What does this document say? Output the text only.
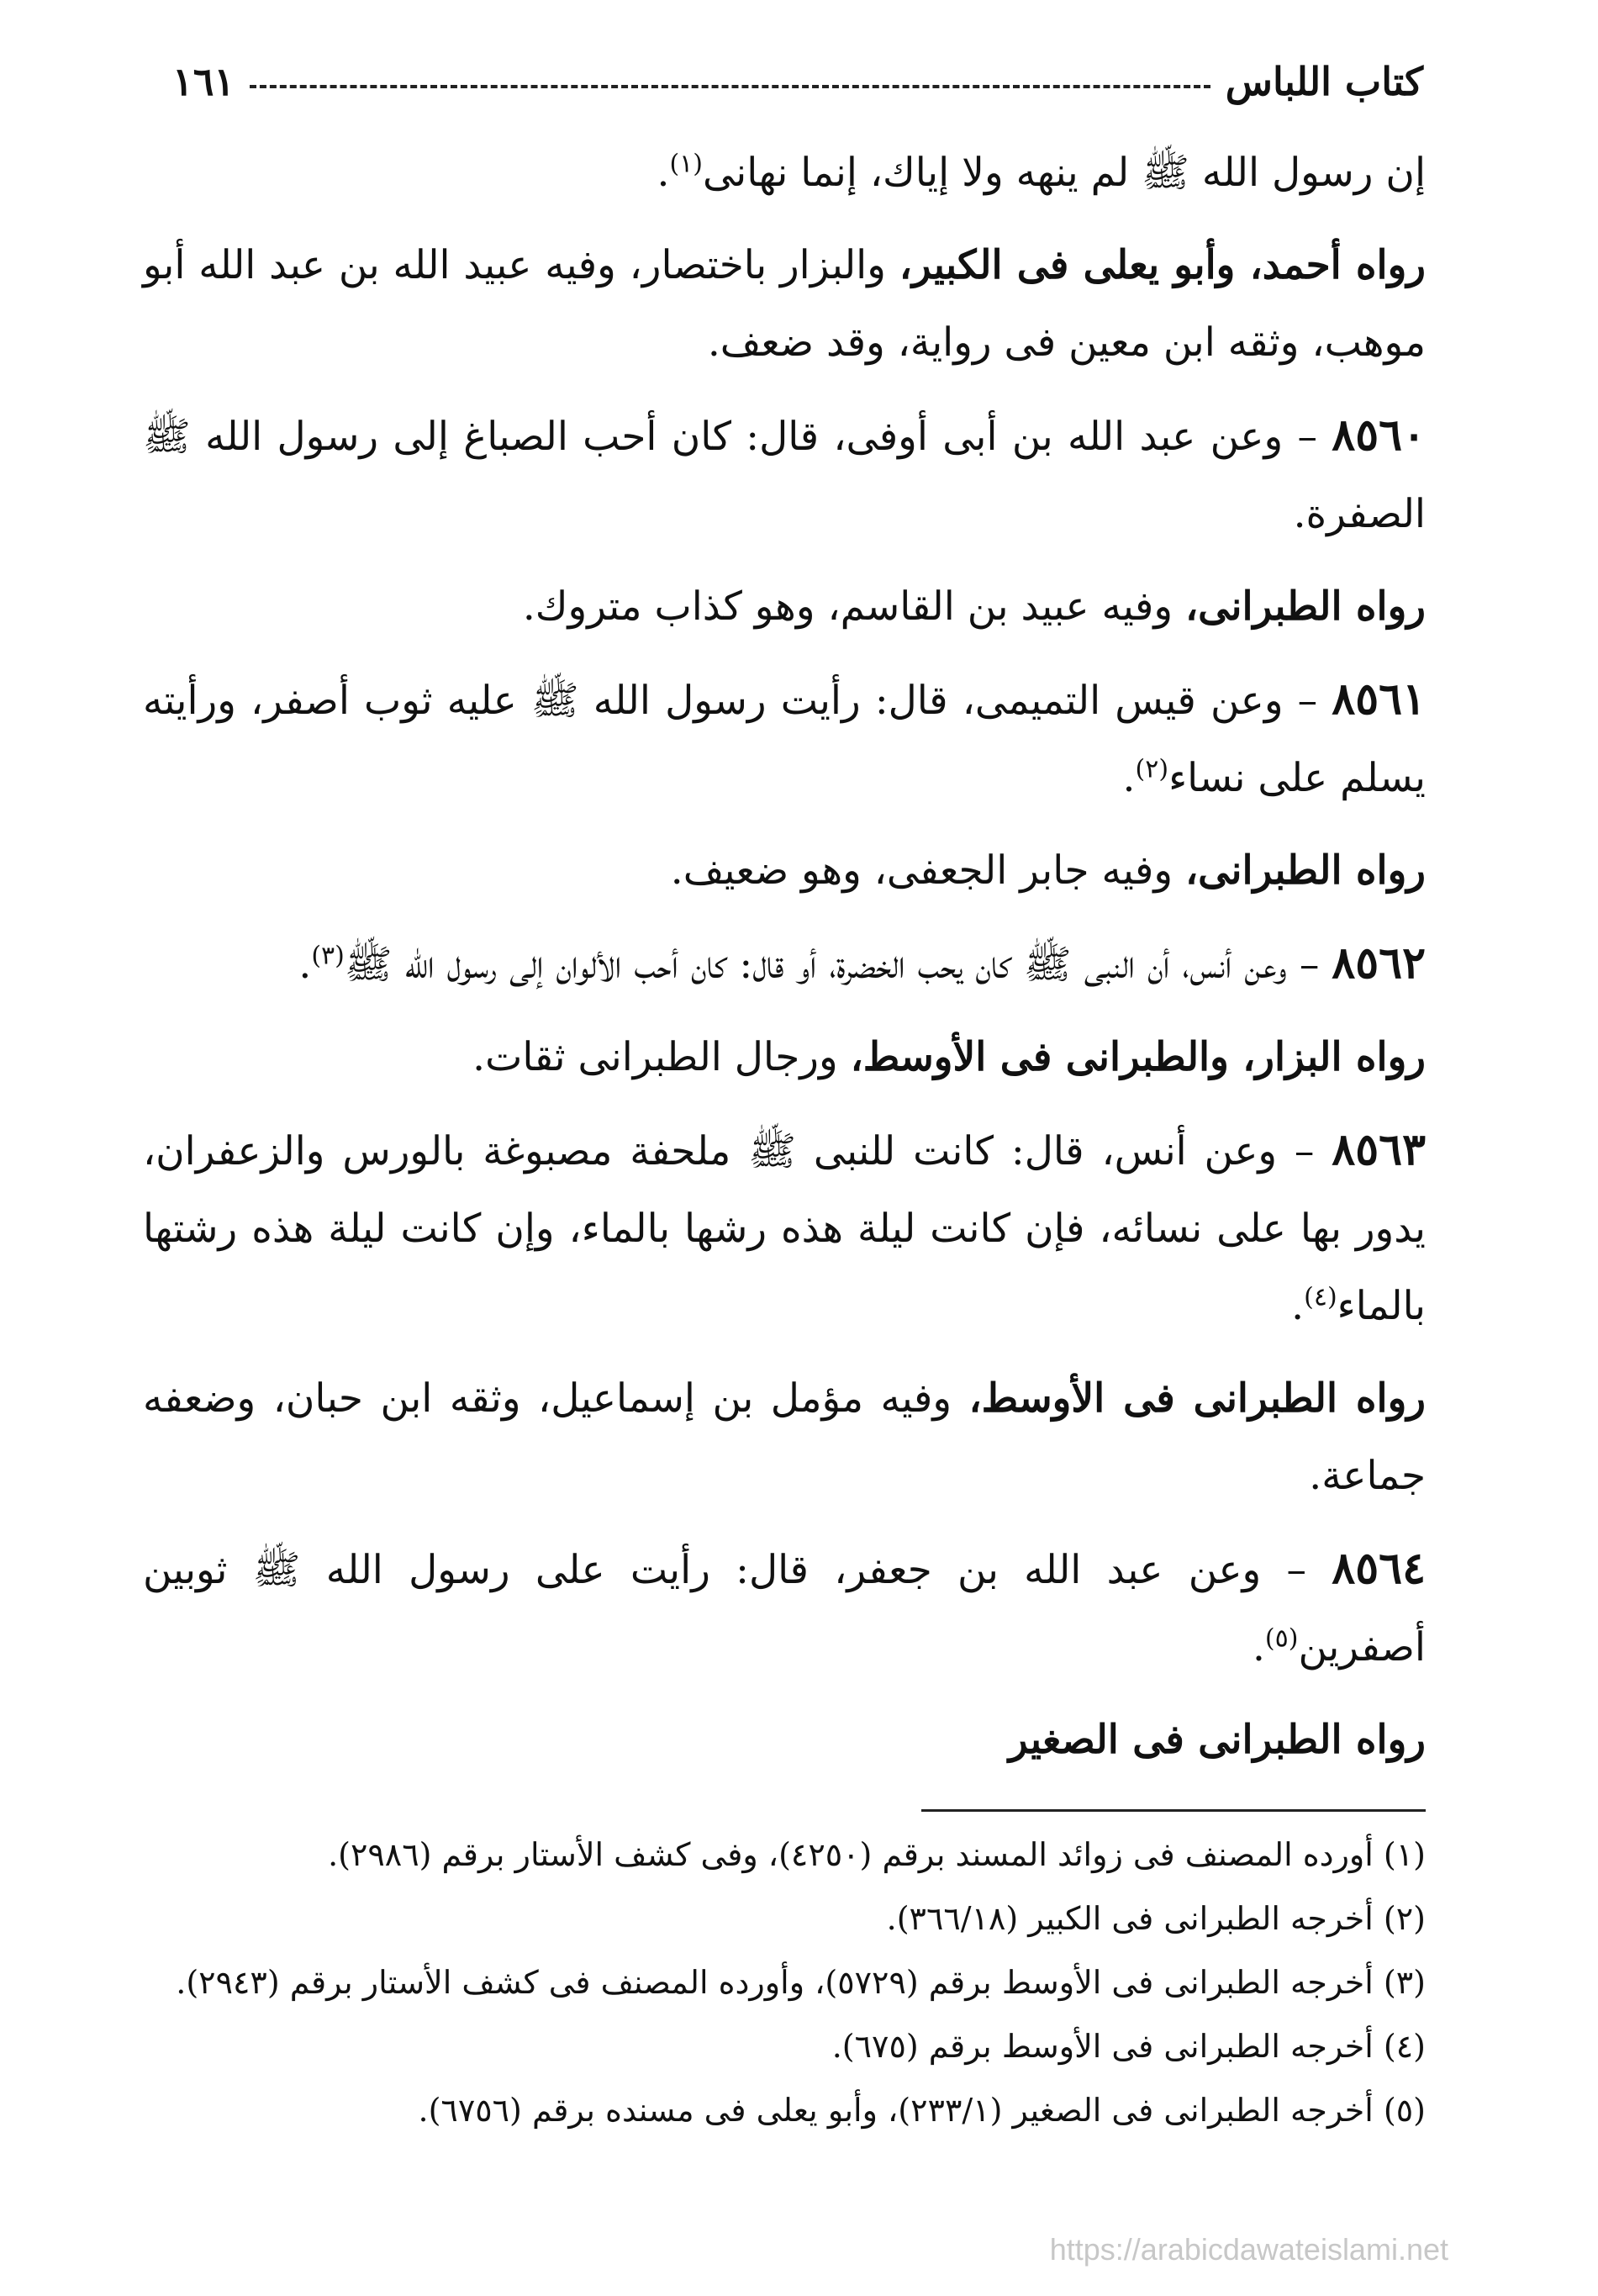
كتاب اللباس
١٦١

إن رسول الله ﷺ لم ينهه ولا إياك، إنما نهانى$^{(١)}$.

رواه أحمد، وأبو يعلى فى الكبير، والبزار باختصار، وفيه عبيد الله بن عبد الله أبو موهب، وثقه ابن معين فى رواية، وقد ضعف.

٨٥٦٠ – وعن عبد الله بن أبى أوفى، قال: كان أحب الصباغ إلى رسول الله ﷺ الصفرة.

رواه الطبرانى، وفيه عبيد بن القاسم، وهو كذاب متروك.

٨٥٦١ – وعن قيس التميمى، قال: رأيت رسول الله ﷺ عليه ثوب أصفر، ورأيته يسلم على نساء$^{(٢)}$.

رواه الطبرانى، وفيه جابر الجعفى، وهو ضعيف.

٨٥٦٢ – وعن أنس، أن النبى ﷺ كان يحب الخضرة، أو قال: كان أحب الألوان إلى رسول الله ﷺ$^{(٣)}$.

رواه البزار، والطبرانى فى الأوسط، ورجال الطبرانى ثقات.

٨٥٦٣ – وعن أنس، قال: كانت للنبى ﷺ ملحفة مصبوغة بالورس والزعفران، يدور بها على نسائه، فإن كانت ليلة هذه رشها بالماء، وإن كانت ليلة هذه رشتها بالماء$^{(٤)}$.

رواه الطبرانى فى الأوسط، وفيه مؤمل بن إسماعيل، وثقه ابن حبان، وضعفه جماعة.

٨٥٦٤ – وعن عبد الله بن جعفر، قال: رأيت على رسول الله ﷺ ثوبين أصفرين$^{(٥)}$.

رواه الطبرانى فى الصغير

(١) أورده المصنف فى زوائد المسند برقم (٤٢٥٠)، وفى كشف الأستار برقم (٢٩٨٦).

(٢) أخرجه الطبرانى فى الكبير (٣٦٦/١٨).

(٣) أخرجه الطبرانى فى الأوسط برقم (٥٧٢٩)، وأورده المصنف فى كشف الأستار برقم (٢٩٤٣).

(٤) أخرجه الطبرانى فى الأوسط برقم (٦٧٥).

(٥) أخرجه الطبرانى فى الصغير (٢٣٣/١)، وأبو يعلى فى مسنده برقم (٦٧٥٦).

https://arabicdawateislami.net
